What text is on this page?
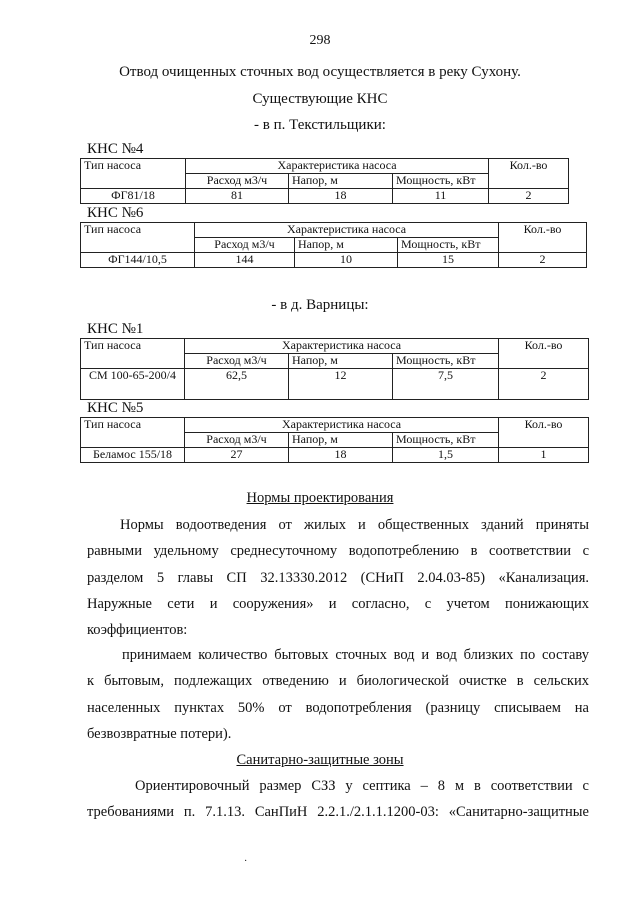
298
Отвод очищенных сточных вод осуществляется в реку Сухону.
Существующие КНС
- в п. Текстильщики:
КНС №4
Тип насоса	Характеристика насоса			Кол.-во
	Расход м3/ч	Напор, м	Мощность, кВт	
ФГ81/18	81	18	11	2
КНС №6
Тип насоса	Характеристика насоса			Кол.-во
	Расход м3/ч	Напор, м	Мощность, кВт	
ФГ144/10,5	144	10	15	2
- в д. Варницы:
КНС №1
Тип насоса	Характеристика насоса			Кол.-во
	Расход м3/ч	Напор, м	Мощность, кВт	
СМ 100-65-200/4	62,5	12	7,5	2
КНС №5
Тип насоса	Характеристика насоса			Кол.-во
	Расход м3/ч	Напор, м	Мощность, кВт	
Беламос 155/18	27	18	1,5	1
Нормы проектирования
Нормы водоотведения от жилых и общественных зданий приняты
равными удельному среднесуточному водопотреблению в соответствии с
разделом 5 главы СП 32.13330.2012 (СНиП 2.04.03-85) «Канализация.
Наружные сети и сооружения» и согласно, с учетом понижающих
коэффициентов:
принимаем количество бытовых сточных вод и вод близких по составу
к бытовым, подлежащих отведению и биологической очистке в сельских
населенных пунктах 50% от водопотребления (разницу списываем на
безвозвратные потери).
Санитарно-защитные зоны
Ориентировочный размер СЗЗ у септика – 8 м в соответствии с
требованиями п. 7.1.13. СанПиН 2.2.1./2.1.1.1200-03: «Санитарно-защитные
·
